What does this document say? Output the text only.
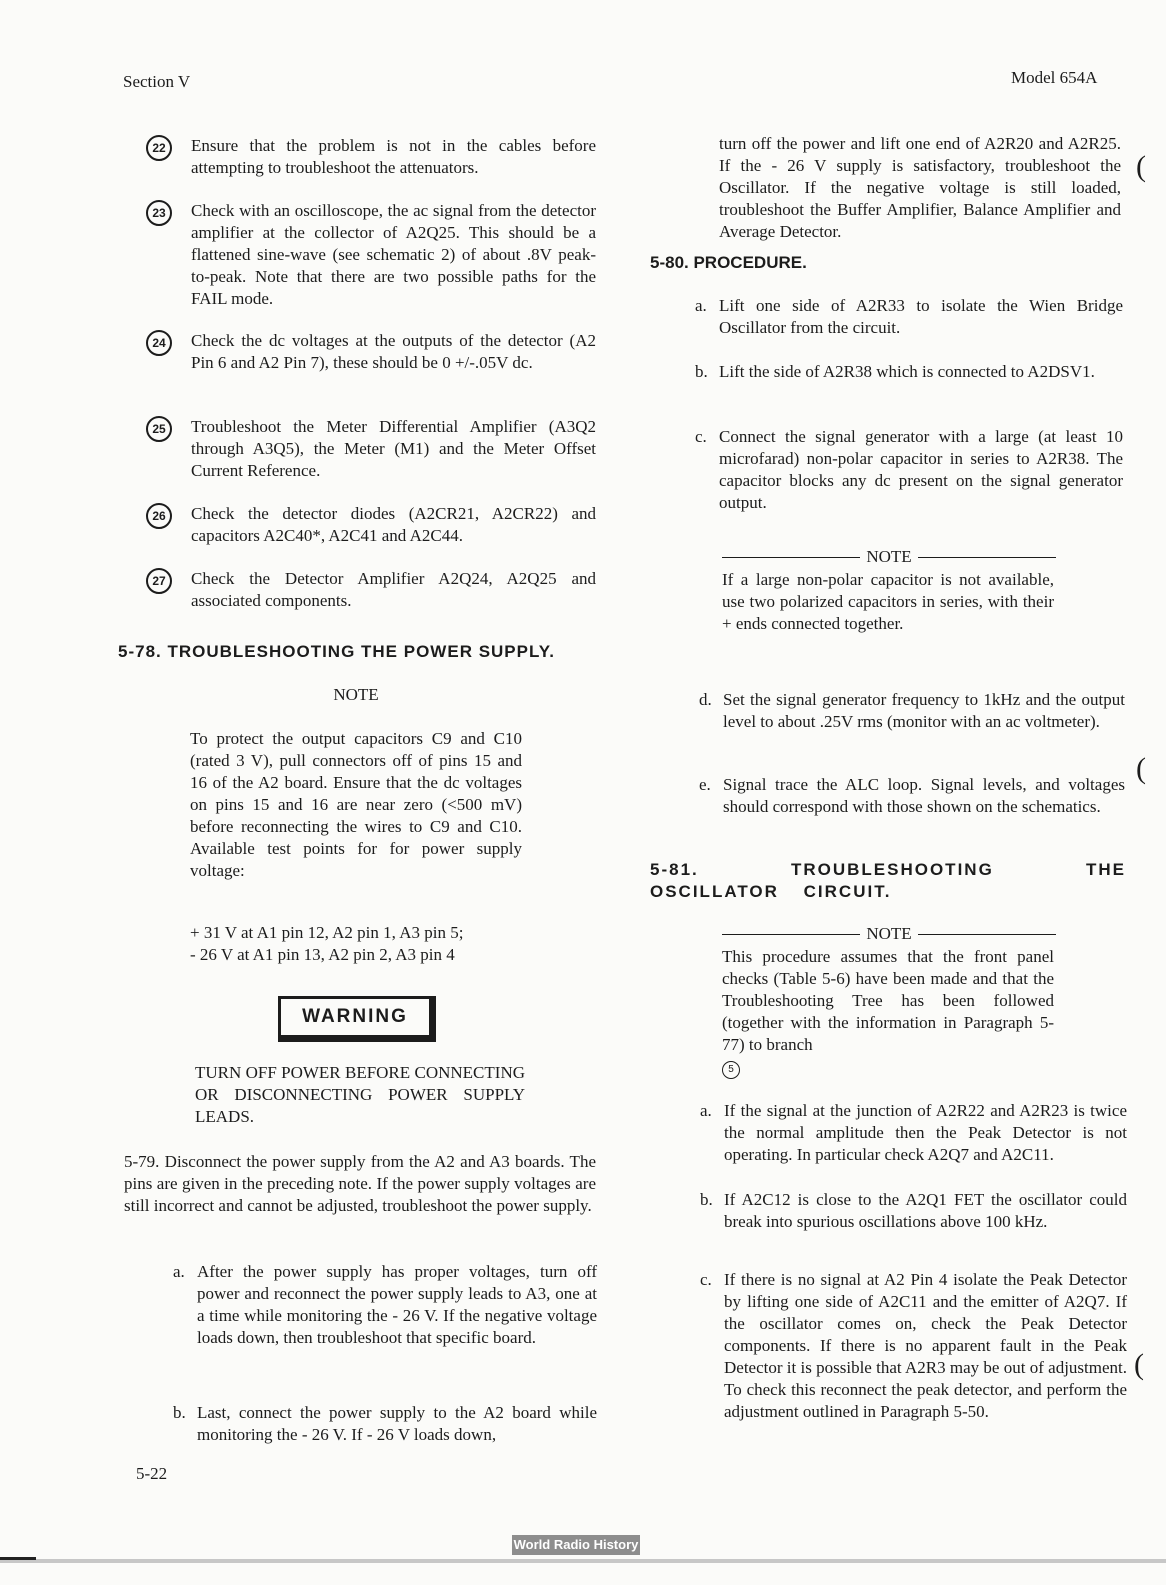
Section V	Model 654A
22	Ensure that the problem is not in the cables before attempting to troubleshoot the attenuators.

23	Check with an oscilloscope, the ac signal from the detector amplifier at the collector of A2Q25. This should be a flattened sine-wave (see schematic 2) of about .8V peak-to-peak. Note that there are two possible paths for the FAIL mode.

24	Check the dc voltages at the outputs of the detector (A2 Pin 6 and A2 Pin 7), these should be 0 +/-.05V dc.

25	Troubleshoot the Meter Differential Amplifier (A3Q2 through A3Q5), the Meter (M1) and the Meter Offset Current Reference.

26	Check the detector diodes (A2CR21, A2CR22) and capacitors A2C40*, A2C41 and A2C44.

27	Check the Detector Amplifier A2Q24, A2Q25 and associated components.

5-78. TROUBLESHOOTING THE POWER SUPPLY.
NOTE

To protect the output capacitors C9 and C10 (rated 3 V), pull connectors off of pins 15 and 16 of the A2 board. Ensure that the dc voltages on pins 15 and 16 are near zero (<500 mV) before reconnecting the wires to C9 and C10. Available test points for for power supply voltage:

+ 31 V at A1 pin 12, A2 pin 1, A3 pin 5;
- 26 V at A1 pin 13, A2 pin 2, A3 pin 4
WARNING

TURN OFF POWER BEFORE CONNECTING OR DISCONNECTING POWER SUPPLY LEADS.

5-79. Disconnect the power supply from the A2 and A3 boards. The pins are given in the preceding note. If the power supply voltages are still incorrect and cannot be adjusted, troubleshoot the power supply.

a. After the power supply has proper voltages, turn off power and reconnect the power supply leads to A3, one at a time while monitoring the - 26 V. If the negative voltage loads down, then troubleshoot that specific board.

b. Last, connect the power supply to the A2 board while monitoring the - 26 V. If - 26 V loads down,

5-22

turn off the power and lift one end of A2R20 and A2R25. If the - 26 V supply is satisfactory, troubleshoot the Oscillator. If the negative voltage is still loaded, troubleshoot the Buffer Amplifier, Balance Amplifier and Average Detector.

5-80. PROCEDURE.
a. Lift one side of A2R33 to isolate the Wien Bridge Oscillator from the circuit.

b. Lift the side of A2R38 which is connected to A2DSV1.

c. Connect the signal generator with a large (at least 10 microfarad) non-polar capacitor in series to A2R38. The capacitor blocks any dc present on the signal generator output.

NOTE

If a large non-polar capacitor is not available, use two polarized capacitors in series, with their + ends connected together.

d. Set the signal generator frequency to 1kHz and the output level to about .25V rms (monitor with an ac voltmeter).

e. Signal trace the ALC loop. Signal levels, and voltages should correspond with those shown on the schematics.

5-81. TROUBLESHOOTING THE OSCILLATOR CIRCUIT.
NOTE

This procedure assumes that the front panel checks (Table 5-6) have been made and that the Troubleshooting Tree has been followed (together with the information in Paragraph 5-77) to branch

5
a. If the signal at the junction of A2R22 and A2R23 is twice the normal amplitude then the Peak Detector is not operating. In particular check A2Q7 and A2C11.

b. If A2C12 is close to the A2Q1 FET the oscillator could break into spurious oscillations above 100 kHz.

c. If there is no signal at A2 Pin 4 isolate the Peak Detector by lifting one side of A2C11 and the emitter of A2Q7. If the oscillator comes on, check the Peak Detector components. If there is no apparent fault in the Peak Detector it is possible that A2R3 may be out of adjustment. To check this reconnect the peak detector, and perform the adjustment outlined in Paragraph 5-50.

(
(
(
World Radio History
